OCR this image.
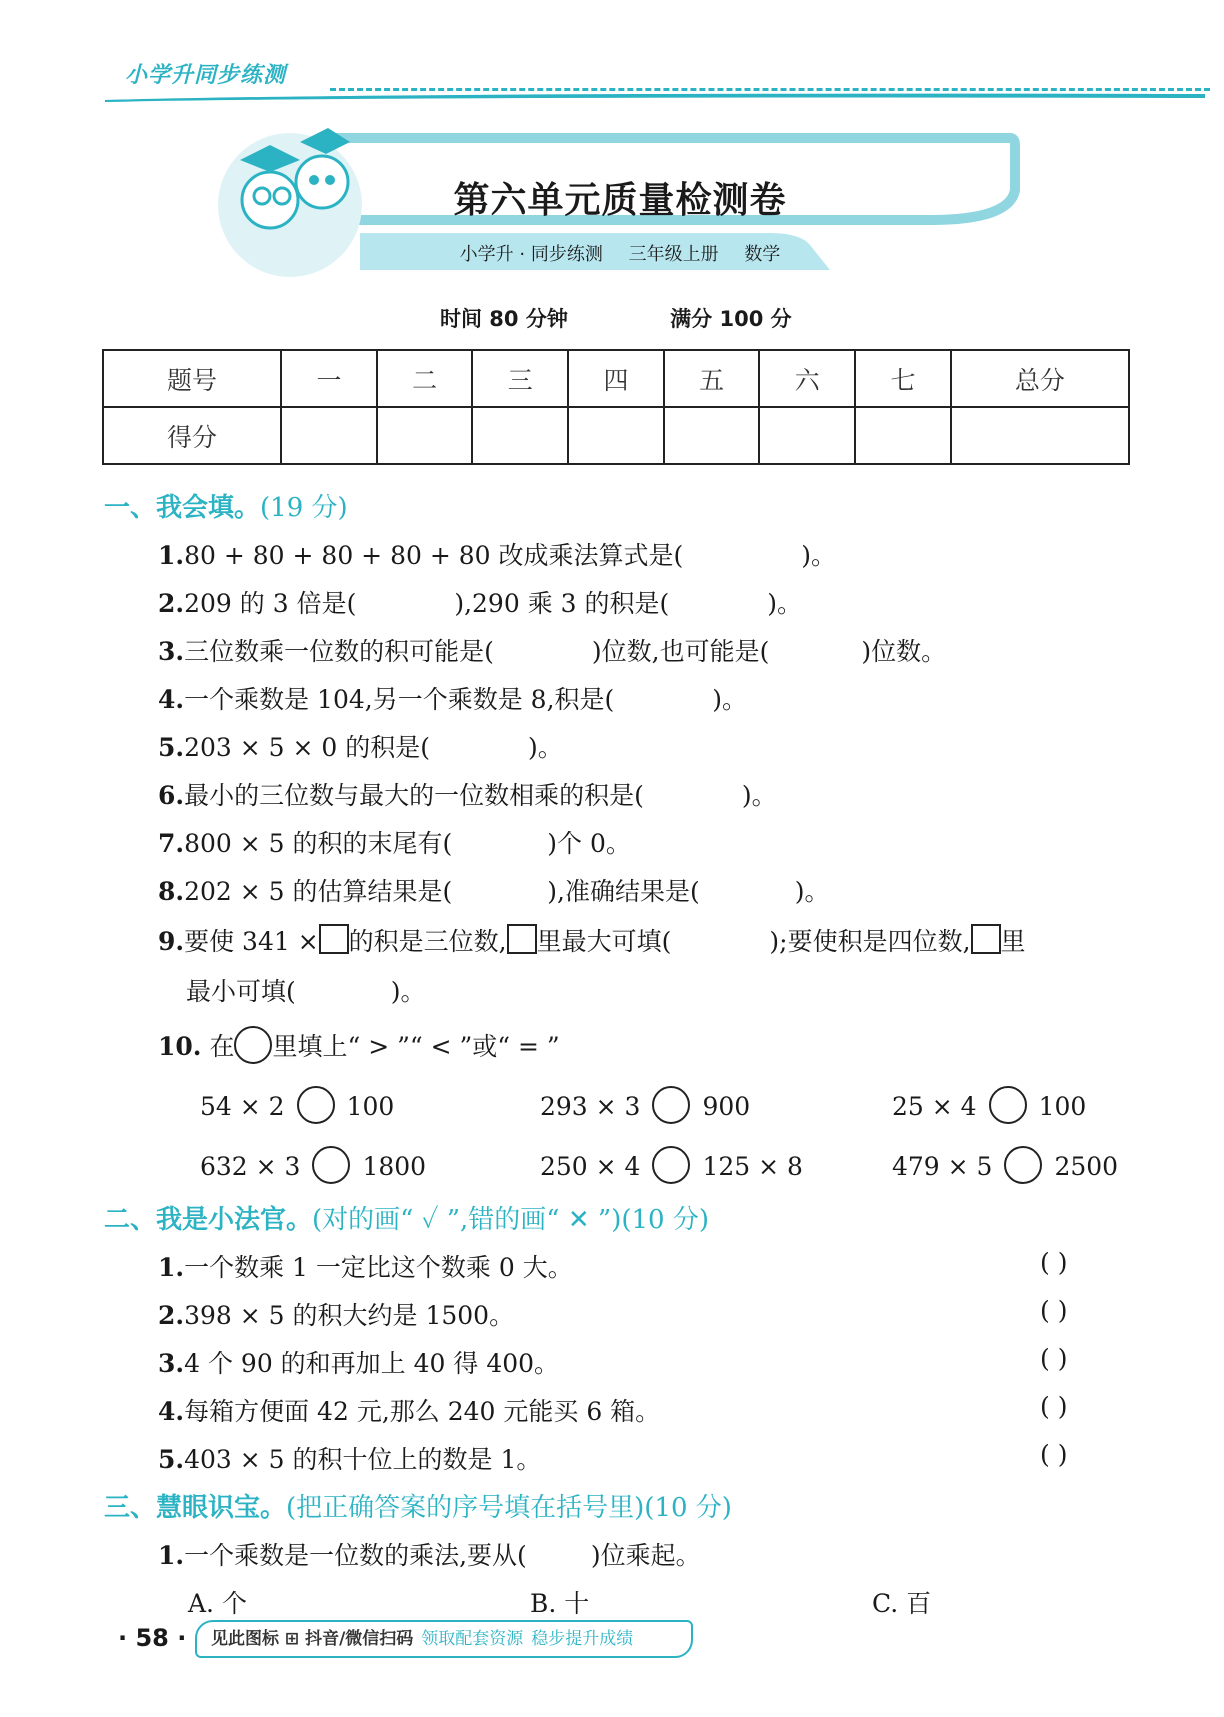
小学升同步练测
第六单元质量检测卷
小学升 · 同步练测 三年级上册 数学
时间 80 分钟	满分 100 分
题号	一	二	三	四	五	六	七	总分
得分								
一、我会填。(19 分)
1.80 + 80 + 80 + 80 + 80 改成乘法算式是(	)。
2.209 的 3 倍是(	),290 乘 3 的积是(	)。
3.三位数乘一位数的积可能是(	)位数,也可能是(	)位数。
4.一个乘数是 104,另一个乘数是 8,积是(	)。
5.203 × 5 × 0 的积是(	)。
6.最小的三位数与最大的一位数相乘的积是(	)。
7.800 × 5 的积的末尾有(	)个 0。
8.202 × 5 的估算结果是(	),准确结果是(	)。
9.要使 341 × 的积是三位数, 里最大可填(	);要使积是四位数, 里
最小可填(	)。
10. 在 里填上“ > ”“ < ”或“ = ”
54 × 2 100	293 × 3 900	25 × 4 100
632 × 3 1800	250 × 4 125 × 8	479 × 5 2500
二、我是小法官。(对的画“ ✓ ”,错的画“ ✕ ”)(10 分)
1.一个数乘 1 一定比这个数乘 0 大。	( )
2.398 × 5 的积大约是 1500。	( )
3.4 个 90 的和再加上 40 得 400。	( )
4.每箱方便面 42 元,那么 240 元能买 6 箱。	( )
5.403 × 5 的积十位上的数是 1。	( )
三、慧眼识宝。(把正确答案的序号填在括号里)(10 分)
1.一个乘数是一位数的乘法,要从(	)位乘起。
A. 个	B. 十	C. 百
· 58 ·	见此图标 ⊞ 抖音/微信扫码 领取配套资源 稳步提升成绩
